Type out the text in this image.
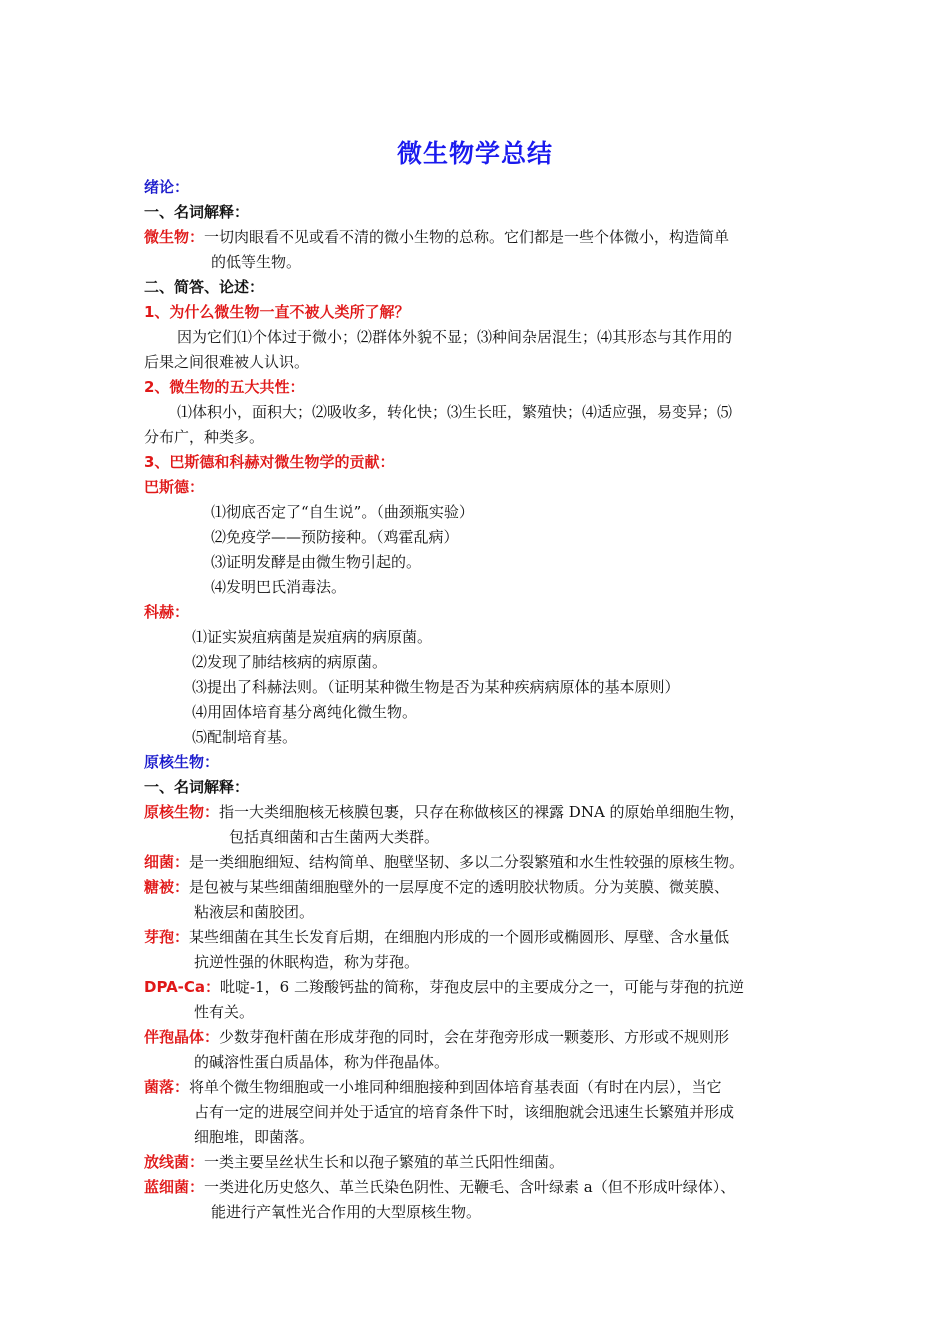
微生物学总结
绪论：
一、名词解释：
微生物：一切肉眼看不见或看不清的微小生物的总称。它们都是一些个体微小，构造简单
的低等生物。
二、简答、论述：
1、为什么微生物一直不被人类所了解？
因为它们⑴个体过于微小；⑵群体外貌不显；⑶种间杂居混生；⑷其形态与其作用的
后果之间很难被人认识。
2、微生物的五大共性：
⑴体积小，面积大；⑵吸收多，转化快；⑶生长旺，繁殖快；⑷适应强，易变异；⑸
分布广，种类多。
3、巴斯德和科赫对微生物学的贡献：
巴斯德：
⑴彻底否定了“自生说”。（曲颈瓶实验）
⑵免疫学——预防接种。（鸡霍乱病）
⑶证明发酵是由微生物引起的。
⑷发明巴氏消毒法。
科赫：
⑴证实炭疽病菌是炭疽病的病原菌。
⑵发现了肺结核病的病原菌。
⑶提出了科赫法则。（证明某种微生物是否为某种疾病病原体的基本原则）
⑷用固体培育基分离纯化微生物。
⑸配制培育基。
原核生物：
一、名词解释：
原核生物：指一大类细胞核无核膜包裹，只存在称做核区的裸露 DNA 的原始单细胞生物，
包括真细菌和古生菌两大类群。
细菌：是一类细胞细短、结构简单、胞壁坚韧、多以二分裂繁殖和水生性较强的原核生物。
糖被：是包被与某些细菌细胞壁外的一层厚度不定的透明胶状物质。分为荚膜、微荚膜、
粘液层和菌胶团。
芽孢：某些细菌在其生长发育后期，在细胞内形成的一个圆形或椭圆形、厚壁、含水量低
抗逆性强的休眠构造，称为芽孢。
DPA-Ca：吡啶-1，6 二羧酸钙盐的简称，芽孢皮层中的主要成分之一，可能与芽孢的抗逆
性有关。
伴孢晶体：少数芽孢杆菌在形成芽孢的同时，会在芽孢旁形成一颗菱形、方形或不规则形
的碱溶性蛋白质晶体，称为伴孢晶体。
菌落：将单个微生物细胞或一小堆同种细胞接种到固体培育基表面（有时在内层），当它
占有一定的进展空间并处于适宜的培育条件下时，该细胞就会迅速生长繁殖并形成
细胞堆，即菌落。
放线菌：一类主要呈丝状生长和以孢子繁殖的革兰氏阳性细菌。
蓝细菌：一类进化历史悠久、革兰氏染色阴性、无鞭毛、含叶绿素 a（但不形成叶绿体）、
能进行产氧性光合作用的大型原核生物。
